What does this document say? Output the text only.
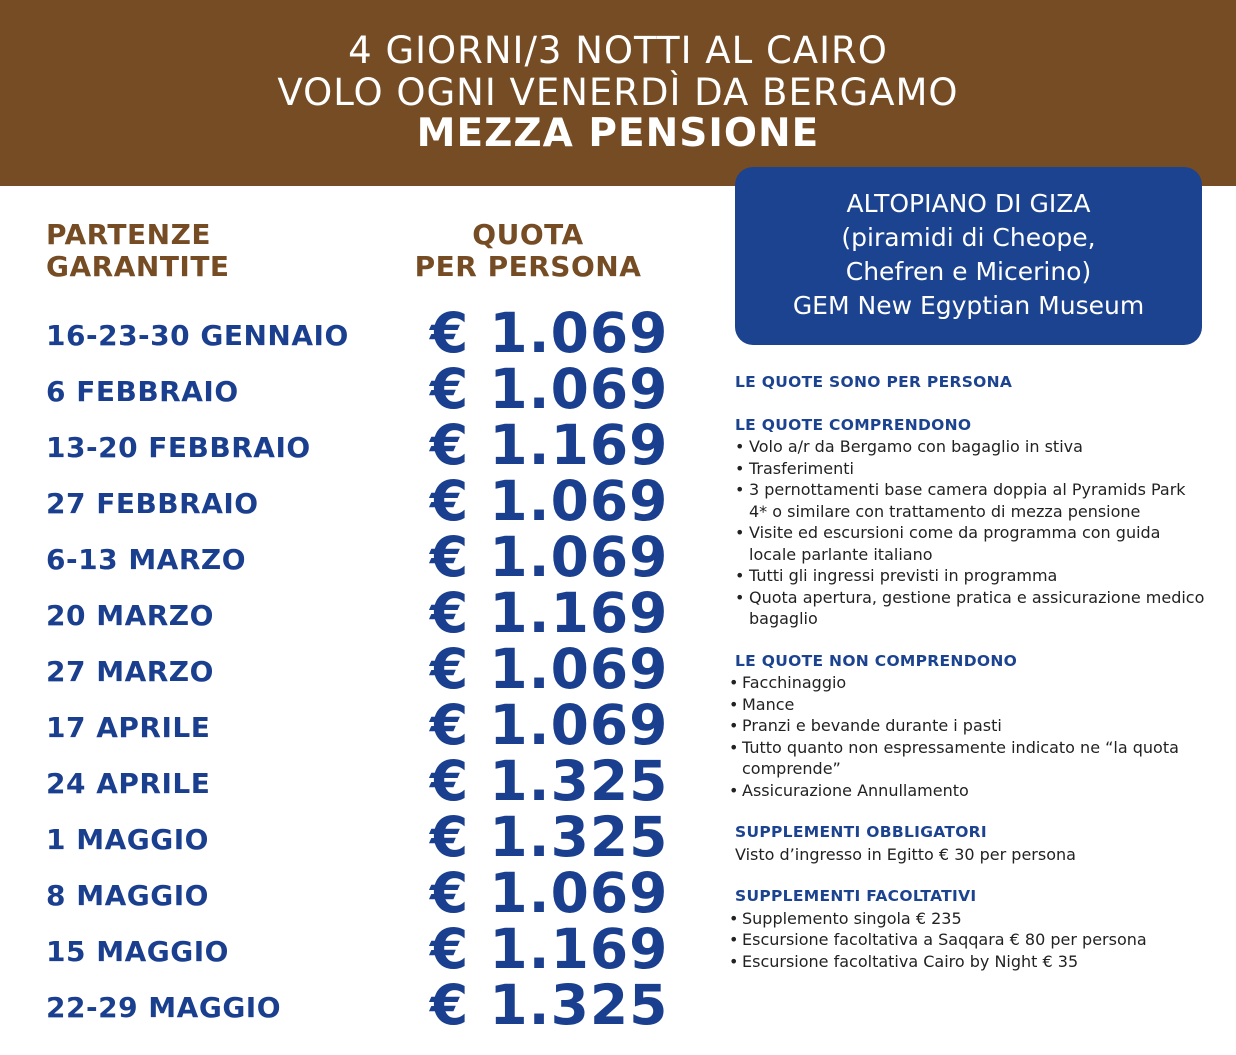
4 GIORNI/3 NOTTI AL CAIRO
VOLO OGNI VENERDÌ DA BERGAMO
MEZZA PENSIONE
PARTENZE
GARANTITE
QUOTA
PER PERSONA
16-23-30 GENNAIO € 1.069
6 FEBBRAIO	€ 1.069
13-20 FEBBRAIO € 1.169
27 FEBBRAIO	€ 1.069
6-13 MARZO	€ 1.069
20 MARZO	€ 1.169
27 MARZO	€ 1.069
17 APRILE	€ 1.069
24 APRILE	€ 1.325
1 MAGGIO	€ 1.325
8 MAGGIO	€ 1.069
15 MAGGIO	€ 1.169
22-29 MAGGIO	€ 1.325
ALTOPIANO DI GIZA
(piramidi di Cheope,
Chefren e Micerino)
GEM New Egyptian Museum
LE QUOTE SONO PER PERSONA
LE QUOTE COMPRENDONO
• Volo a/r da Bergamo con bagaglio in stiva
• Trasferimenti
• 3 pernottamenti base camera doppia al Pyramids Park 4* o similare con trattamento di mezza pensione
• Visite ed escursioni come da programma con guida locale parlante italiano
• Tutti gli ingressi previsti in programma
• Quota apertura, gestione pratica e assicurazione medico bagaglio
LE QUOTE NON COMPRENDONO
• Facchinaggio
• Mance
• Pranzi e bevande durante i pasti
• Tutto quanto non espressamente indicato ne “la quota comprende”
• Assicurazione Annullamento
SUPPLEMENTI OBBLIGATORI
Visto d’ingresso in Egitto € 30 per persona
SUPPLEMENTI FACOLTATIVI
• Supplemento singola € 235
• Escursione facoltativa a Saqqara € 80 per persona
• Escursione facoltativa Cairo by Night € 35
